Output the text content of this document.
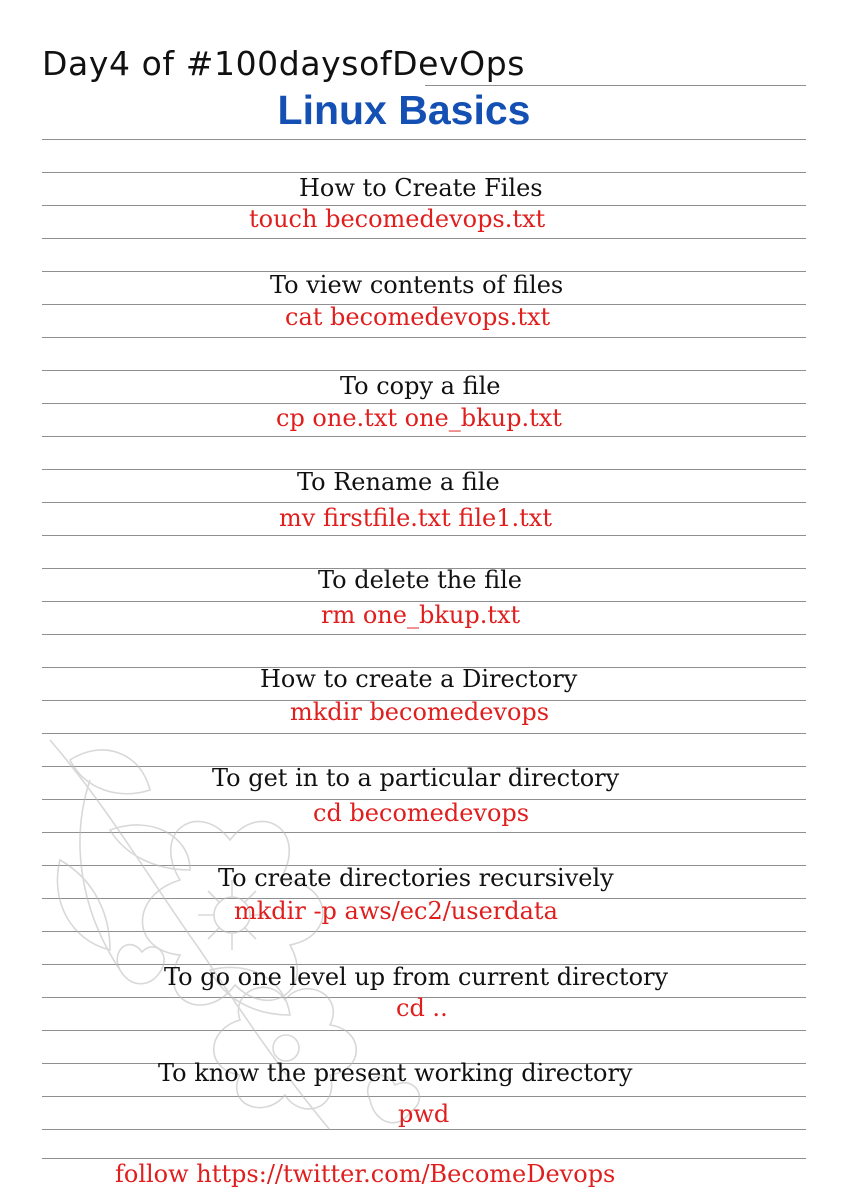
Day4 of #100daysofDevOps
Linux Basics
How to Create Files
touch becomedevops.txt
To view contents of files
cat becomedevops.txt
To copy a file
cp one.txt one_bkup.txt
To Rename a file
mv firstfile.txt file1.txt
To delete the file
rm one_bkup.txt
How to create a Directory
mkdir becomedevops
To get in to a particular directory
cd becomedevops
To create directories recursively
mkdir -p aws/ec2/userdata
To go one level up from current directory
cd ..
To know the present working directory
pwd
follow https://twitter.com/BecomeDevops
